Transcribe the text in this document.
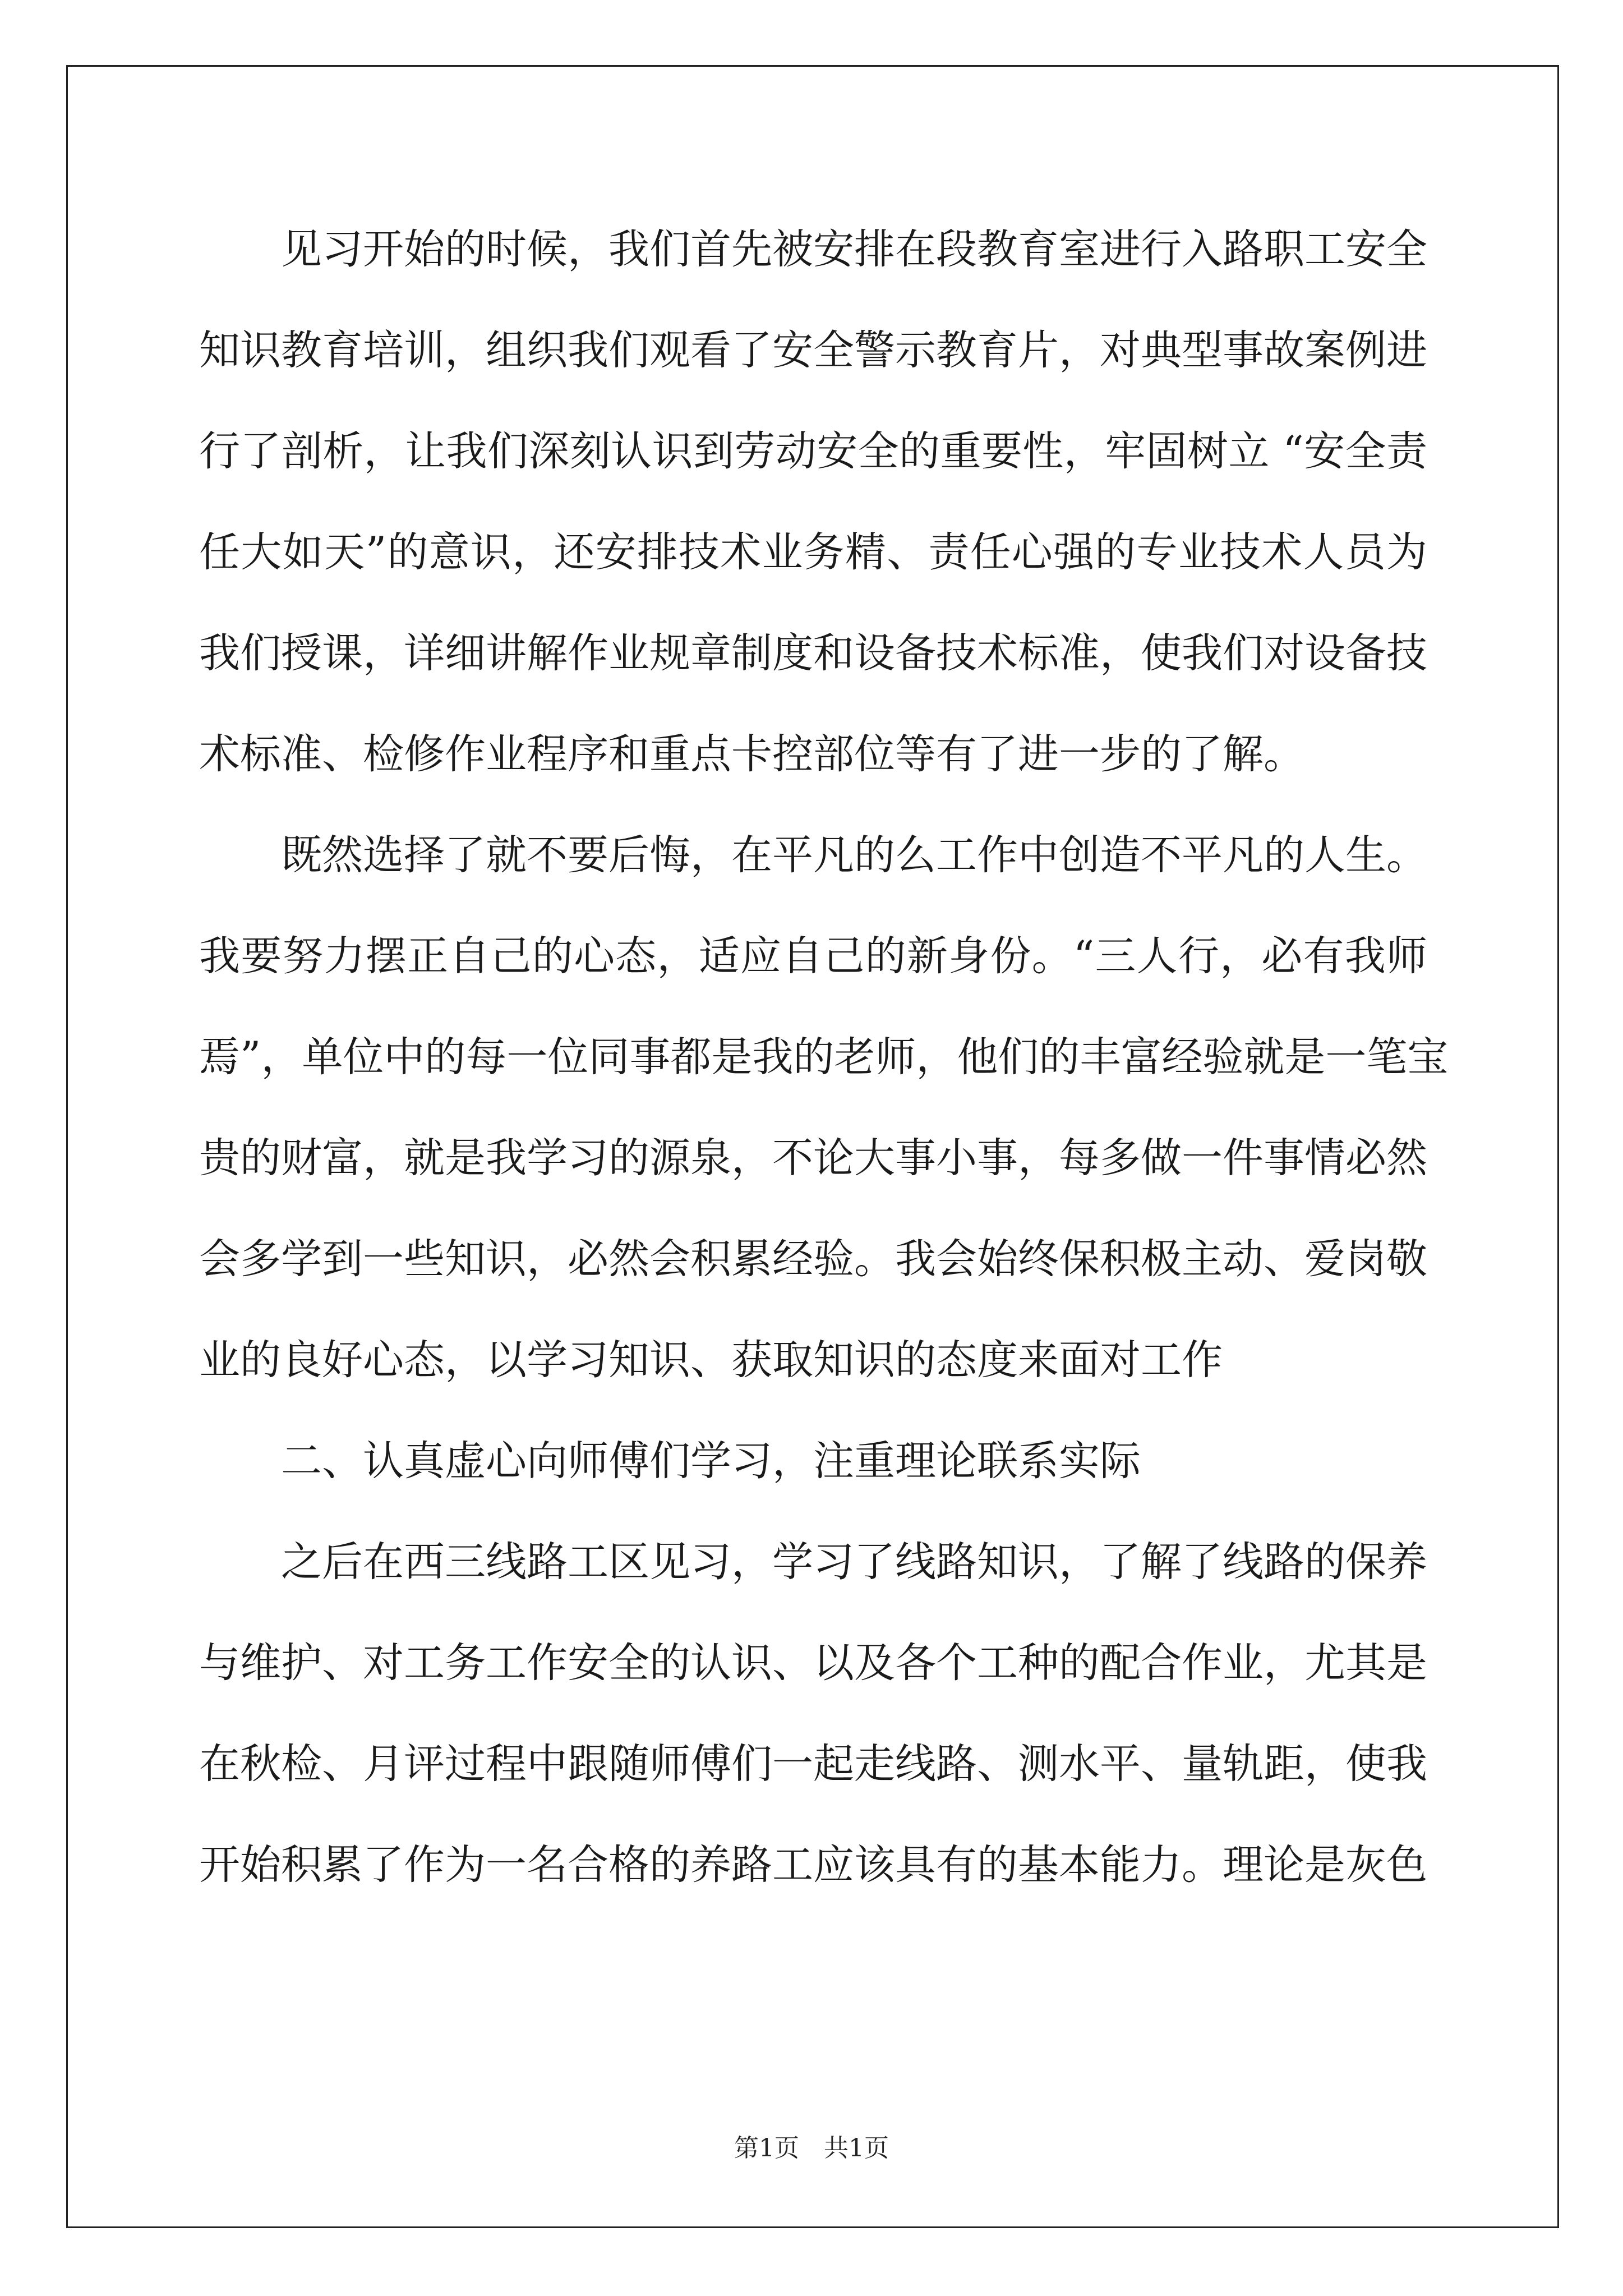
见习开始的时候，我们首先被安排在段教育室进行入路职工安全
知识教育培训，组织我们观看了安全警示教育片，对典型事故案例进
行了剖析，让我们深刻认识到劳动安全的重要性，牢固树立 “安全责
任大如天”的意识，还安排技术业务精、责任心强的专业技术人员为
我们授课，详细讲解作业规章制度和设备技术标准，使我们对设备技
术标准、检修作业程序和重点卡控部位等有了进一步的了解。
既然选择了就不要后悔，在平凡的么工作中创造不平凡的人生。
我要努力摆正自己的心态，适应自己的新身份。“三人行，必有我师
焉”，单位中的每一位同事都是我的老师，他们的丰富经验就是一笔宝
贵的财富，就是我学习的源泉，不论大事小事，每多做一件事情必然
会多学到一些知识，必然会积累经验。我会始终保积极主动、爱岗敬
业的良好心态，以学习知识、获取知识的态度来面对工作
二、认真虚心向师傅们学习，注重理论联系实际
之后在西三线路工区见习，学习了线路知识，了解了线路的保养
与维护、对工务工作安全的认识、以及各个工种的配合作业，尤其是
在秋检、月评过程中跟随师傅们一起走线路、测水平、量轨距，使我
开始积累了作为一名合格的养路工应该具有的基本能力。理论是灰色
第1页 共1页
